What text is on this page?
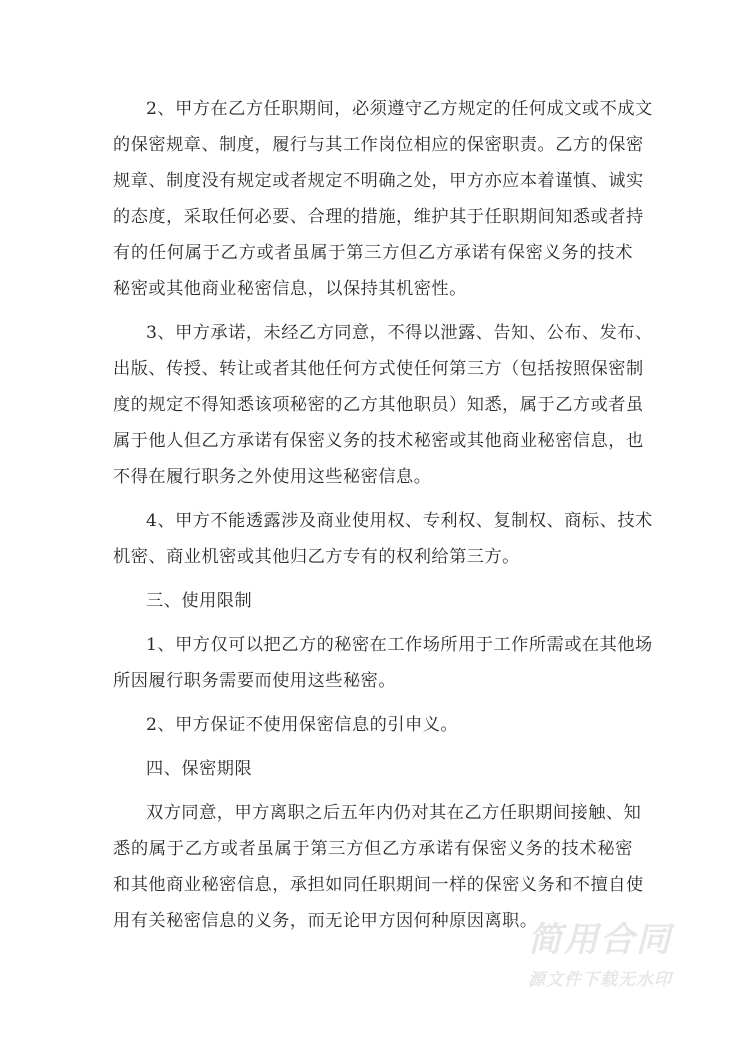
2、甲方在乙方任职期间，必须遵守乙方规定的任何成文或不成文
的保密规章、制度，履行与其工作岗位相应的保密职责。乙方的保密
规章、制度没有规定或者规定不明确之处，甲方亦应本着谨慎、诚实
的态度，采取任何必要、合理的措施，维护其于任职期间知悉或者持
有的任何属于乙方或者虽属于第三方但乙方承诺有保密义务的技术
秘密或其他商业秘密信息，以保持其机密性。
3、甲方承诺，未经乙方同意，不得以泄露、告知、公布、发布、
出版、传授、转让或者其他任何方式使任何第三方（包括按照保密制
度的规定不得知悉该项秘密的乙方其他职员）知悉，属于乙方或者虽
属于他人但乙方承诺有保密义务的技术秘密或其他商业秘密信息，也
不得在履行职务之外使用这些秘密信息。
4、甲方不能透露涉及商业使用权、专利权、复制权、商标、技术
机密、商业机密或其他归乙方专有的权利给第三方。
三、使用限制
1、甲方仅可以把乙方的秘密在工作场所用于工作所需或在其他场
所因履行职务需要而使用这些秘密。
2、甲方保证不使用保密信息的引申义。
四、保密期限
双方同意，甲方离职之后五年内仍对其在乙方任职期间接触、知
悉的属于乙方或者虽属于第三方但乙方承诺有保密义务的技术秘密
和其他商业秘密信息，承担如同任职期间一样的保密义务和不擅自使
用有关秘密信息的义务，而无论甲方因何种原因离职。
简用合同
源文件下载无水印
